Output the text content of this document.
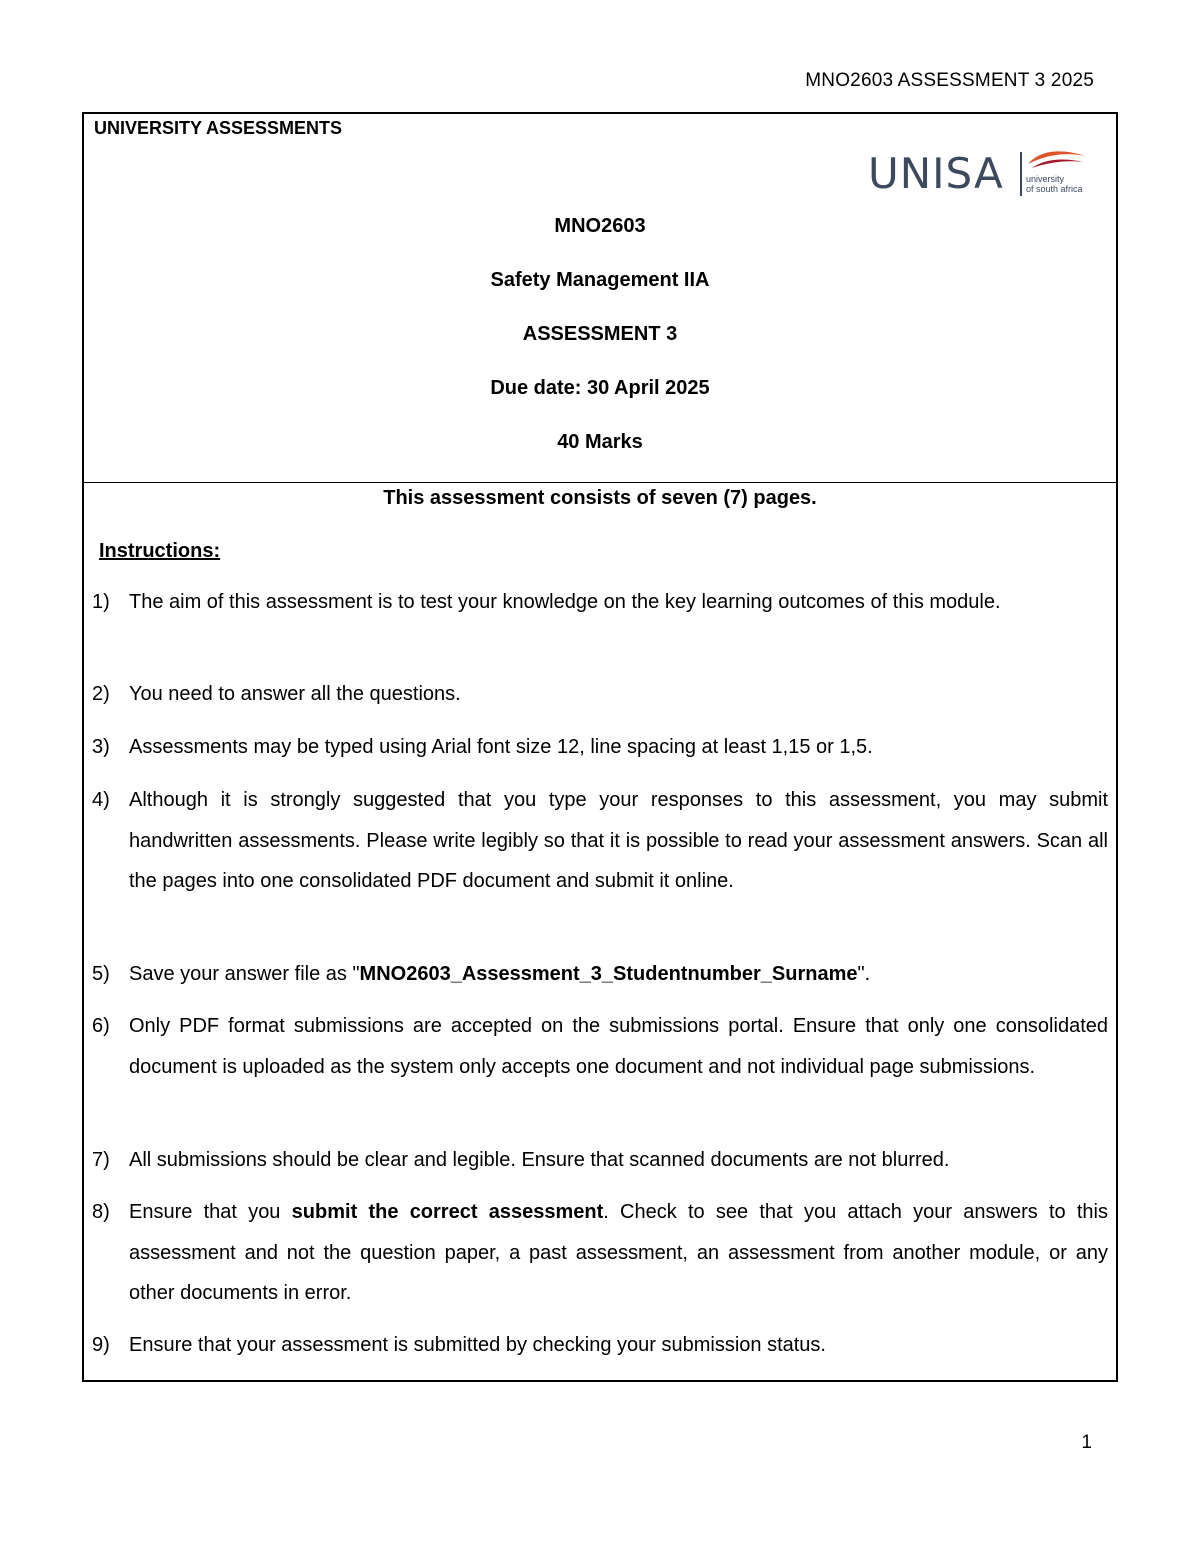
MNO2603 ASSESSMENT 3 2025
UNIVERSITY ASSESSMENTS
UNISA university
of south africa
MNO2603
Safety Management IIA
ASSESSMENT 3
Due date: 30 April 2025
40 Marks
This assessment consists of seven (7) pages.
Instructions:
1) The aim of this assessment is to test your knowledge on the key learning outcomes of this module.
2) You need to answer all the questions.
3) Assessments may be typed using Arial font size 12, line spacing at least 1,15 or 1,5.
4) Although it is strongly suggested that you type your responses to this assessment, you may submit handwritten assessments. Please write legibly so that it is possible to read your assessment answers. Scan all the pages into one consolidated PDF document and submit it online.
5) Save your answer file as "MNO2603_Assessment_3_Studentnumber_Surname".
6) Only PDF format submissions are accepted on the submissions portal. Ensure that only one consolidated document is uploaded as the system only accepts one document and not individual page submissions.
7) All submissions should be clear and legible. Ensure that scanned documents are not blurred.
8) Ensure that you submit the correct assessment. Check to see that you attach your answers to this assessment and not the question paper, a past assessment, an assessment from another module, or any other documents in error.
9) Ensure that your assessment is submitted by checking your submission status.
1
